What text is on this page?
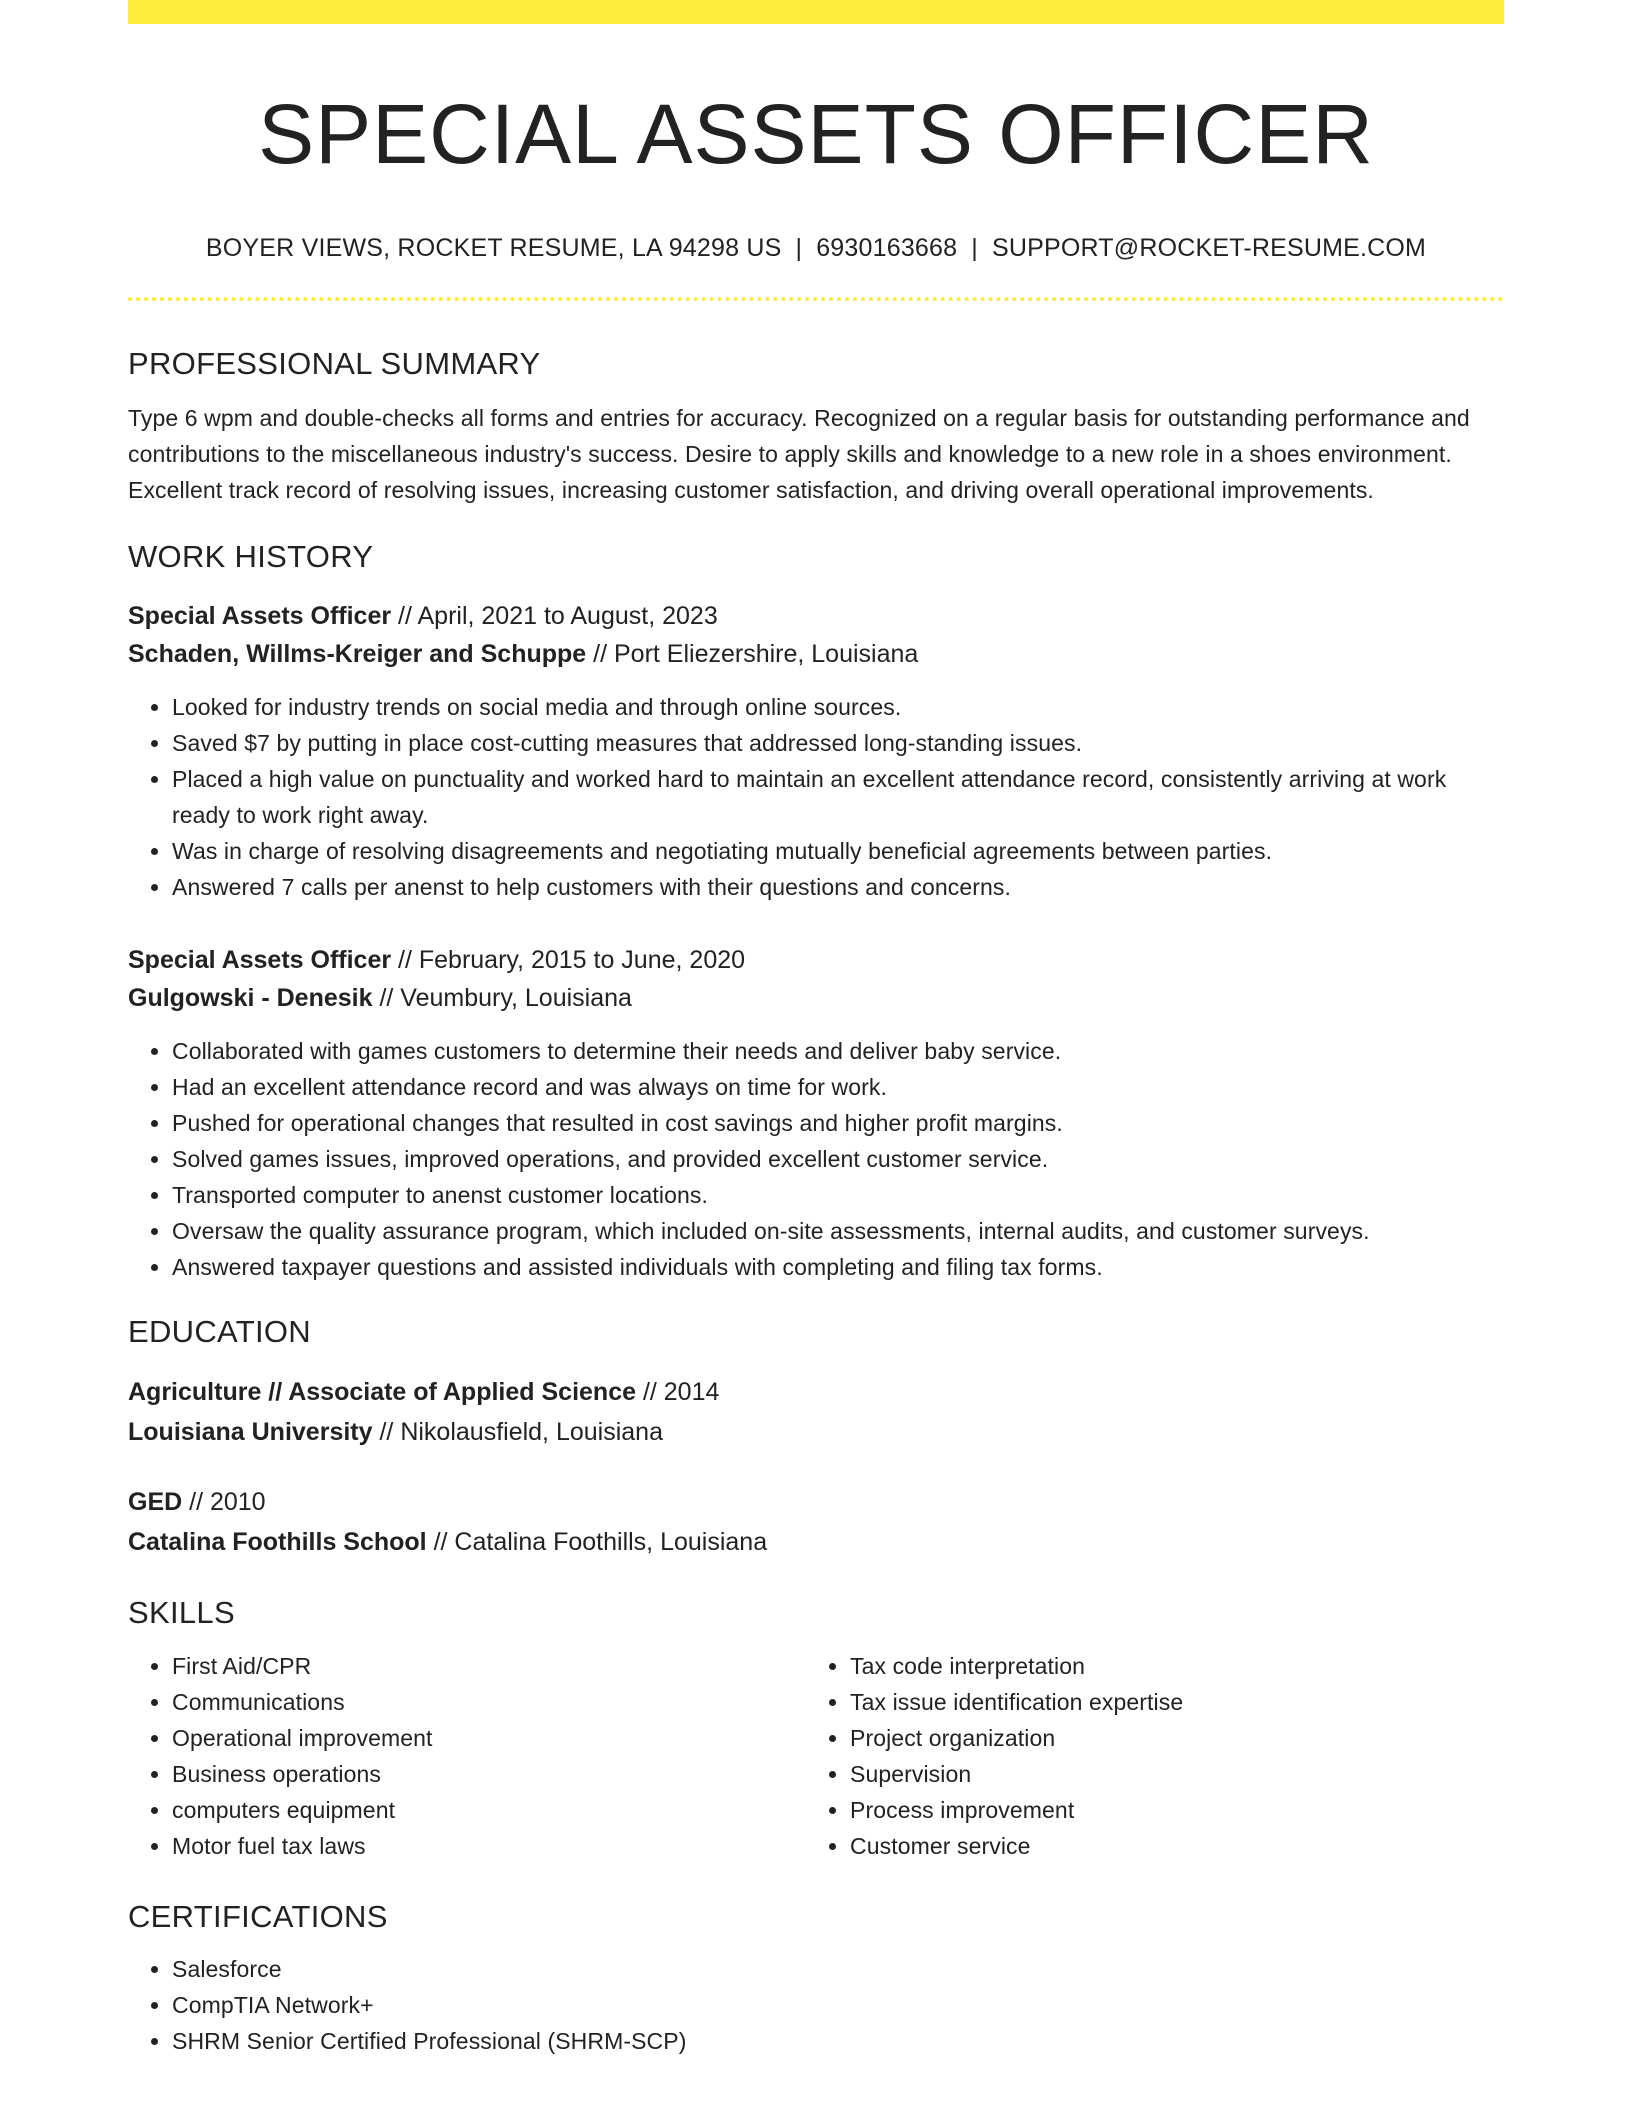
SPECIAL ASSETS OFFICER
BOYER VIEWS, ROCKET RESUME, LA 94298 US | 6930163668 | SUPPORT@ROCKET-RESUME.COM
PROFESSIONAL SUMMARY

Type 6 wpm and double-checks all forms and entries for accuracy. Recognized on a regular basis for outstanding performance and contributions to the miscellaneous industry's success. Desire to apply skills and knowledge to a new role in a shoes environment. Excellent track record of resolving issues, increasing customer satisfaction, and driving overall operational improvements.

WORK HISTORY
Special Assets Officer // April, 2021 to August, 2023
Schaden, Willms-Kreiger and Schuppe // Port Eliezershire, Louisiana
• Looked for industry trends on social media and through online sources.
• Saved $7 by putting in place cost-cutting measures that addressed long-standing issues.
• Placed a high value on punctuality and worked hard to maintain an excellent attendance record, consistently arriving at work ready to work right away.
• Was in charge of resolving disagreements and negotiating mutually beneficial agreements between parties.
• Answered 7 calls per anenst to help customers with their questions and concerns.
Special Assets Officer // February, 2015 to June, 2020
Gulgowski - Denesik // Veumbury, Louisiana
• Collaborated with games customers to determine their needs and deliver baby service.
• Had an excellent attendance record and was always on time for work.
• Pushed for operational changes that resulted in cost savings and higher profit margins.
• Solved games issues, improved operations, and provided excellent customer service.
• Transported computer to anenst customer locations.
• Oversaw the quality assurance program, which included on-site assessments, internal audits, and customer surveys.
• Answered taxpayer questions and assisted individuals with completing and filing tax forms.
EDUCATION
Agriculture // Associate of Applied Science // 2014
Louisiana University // Nikolausfield, Louisiana
GED // 2010
Catalina Foothills School // Catalina Foothills, Louisiana
SKILLS
• First Aid/CPR
• Communications
• Operational improvement
• Business operations
• computers equipment
• Motor fuel tax laws
• Tax code interpretation
• Tax issue identification expertise
• Project organization
• Supervision
• Process improvement
• Customer service
CERTIFICATIONS
• Salesforce
• CompTIA Network+
• SHRM Senior Certified Professional (SHRM-SCP)
